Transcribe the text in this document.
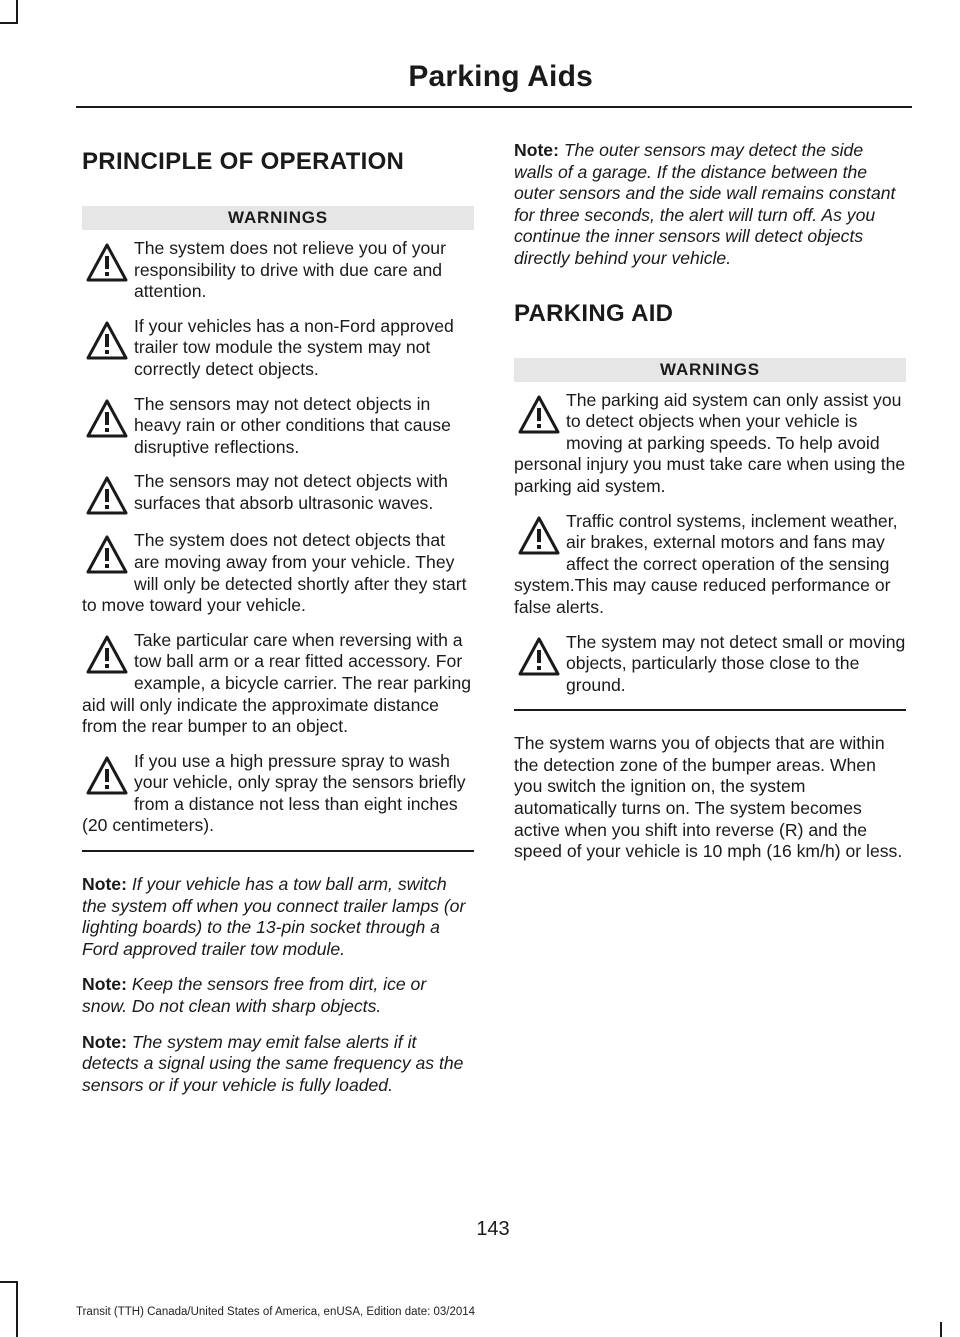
Parking Aids
PRINCIPLE OF OPERATION
WARNINGS
The system does not relieve you of your responsibility to drive with due care and attention.
If your vehicles has a non-Ford approved trailer tow module the system may not correctly detect objects.
The sensors may not detect objects in heavy rain or other conditions that cause disruptive reflections.
The sensors may not detect objects with surfaces that absorb ultrasonic waves.
The system does not detect objects that are moving away from your vehicle. They will only be detected shortly after they start to move toward your vehicle.
Take particular care when reversing with a tow ball arm or a rear fitted accessory. For example, a bicycle carrier. The rear parking aid will only indicate the approximate distance from the rear bumper to an object.
If you use a high pressure spray to wash your vehicle, only spray the sensors briefly from a distance not less than eight inches (20 centimeters).

Note: If your vehicle has a tow ball arm, switch the system off when you connect trailer lamps (or lighting boards) to the 13-pin socket through a Ford approved trailer tow module.

Note: Keep the sensors free from dirt, ice or snow. Do not clean with sharp objects.

Note: The system may emit false alerts if it detects a signal using the same frequency as the sensors or if your vehicle is fully loaded.

Note: The outer sensors may detect the side walls of a garage. If the distance between the outer sensors and the side wall remains constant for three seconds, the alert will turn off. As you continue the inner sensors will detect objects directly behind your vehicle.

PARKING AID
WARNINGS
The parking aid system can only assist you to detect objects when your vehicle is moving at parking speeds. To help avoid personal injury you must take care when using the parking aid system.
Traffic control systems, inclement weather, air brakes, external motors and fans may affect the correct operation of the sensing system.This may cause reduced performance or false alerts.
The system may not detect small or moving objects, particularly those close to the ground.

The system warns you of objects that are within the detection zone of the bumper areas. When you switch the ignition on, the system automatically turns on. The system becomes active when you shift into reverse (R) and the speed of your vehicle is 10 mph (16 km/h) or less.

143
Transit (TTH) Canada/United States of America, enUSA, Edition date: 03/2014
